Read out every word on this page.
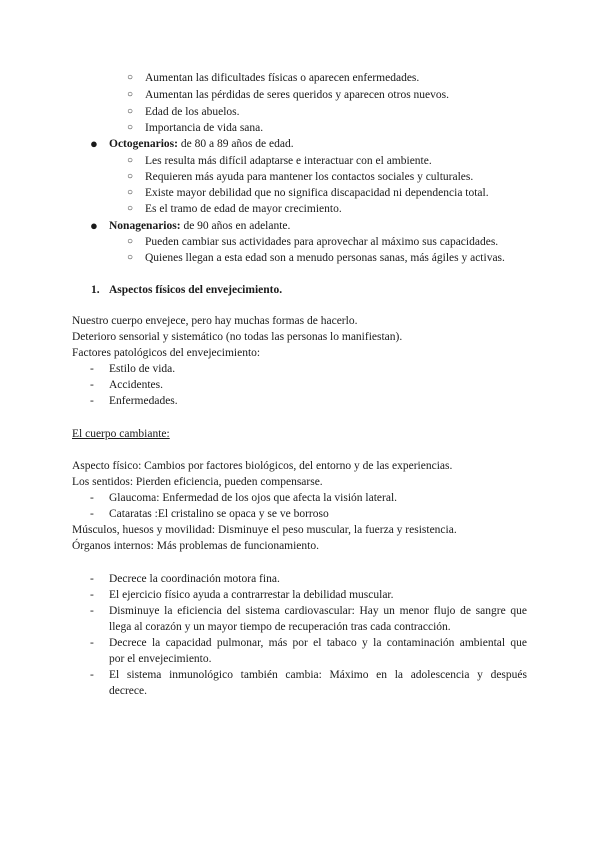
○ Aumentan las dificultades físicas o aparecen enfermedades.
○ Aumentan las pérdidas de seres queridos y aparecen otros nuevos.
○ Edad de los abuelos.
○ Importancia de vida sana.
● Octogenarios: de 80 a 89 años de edad.
○ Les resulta más difícil adaptarse e interactuar con el ambiente.
○ Requieren más ayuda para mantener los contactos sociales y culturales.
○ Existe mayor debilidad que no significa discapacidad ni dependencia total.
○ Es el tramo de edad de mayor crecimiento.
● Nonagenarios: de 90 años en adelante.
○ Pueden cambiar sus actividades para aprovechar al máximo sus capacidades.
○ Quienes llegan a esta edad son a menudo personas sanas, más ágiles y activas.
1. Aspectos físicos del envejecimiento.
Nuestro cuerpo envejece, pero hay muchas formas de hacerlo.
Deterioro sensorial y sistemático (no todas las personas lo manifiestan).
Factores patológicos del envejecimiento:
- Estilo de vida.
- Accidentes.
- Enfermedades.
El cuerpo cambiante:
Aspecto físico: Cambios por factores biológicos, del entorno y de las experiencias.
Los sentidos: Pierden eficiencia, pueden compensarse.
- Glaucoma: Enfermedad de los ojos que afecta la visión lateral.
- Cataratas :El cristalino se opaca y se ve borroso
Músculos, huesos y movilidad: Disminuye el peso muscular, la fuerza y resistencia.
Órganos internos: Más problemas de funcionamiento.
- Decrece la coordinación motora fina.
- El ejercicio físico ayuda a contrarrestar la debilidad muscular.
- Disminuye la eficiencia del sistema cardiovascular: Hay un menor flujo de sangre que
llega al corazón y un mayor tiempo de recuperación tras cada contracción.
- Decrece la capacidad pulmonar, más por el tabaco y la contaminación ambiental que
por el envejecimiento.
- El sistema inmunológico también cambia: Máximo en la adolescencia y después
decrece.
